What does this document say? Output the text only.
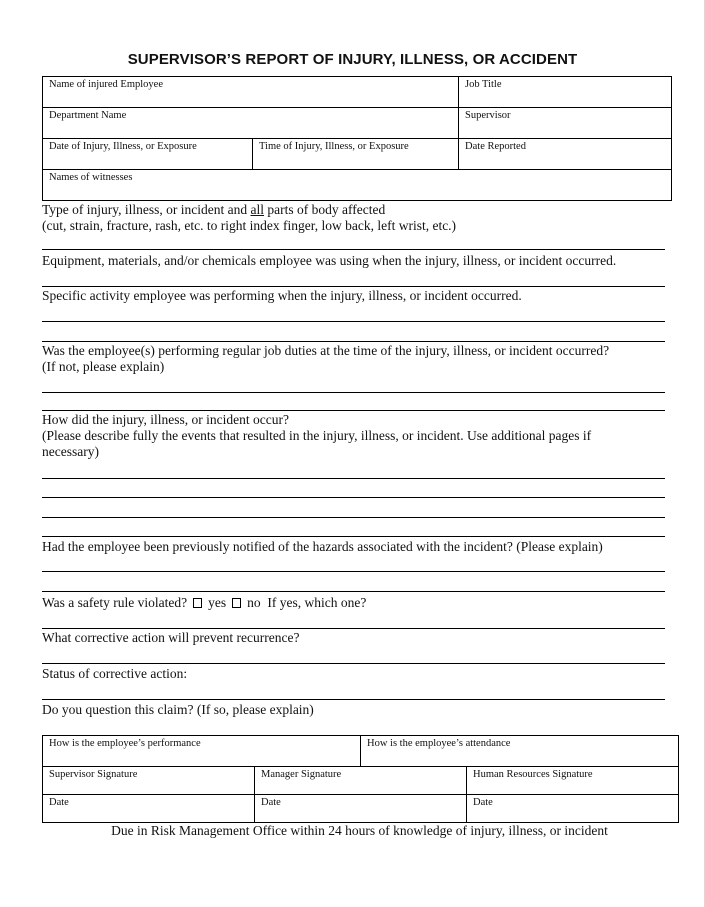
SUPERVISOR’S REPORT OF INJURY, ILLNESS, OR ACCIDENT
Name of injured Employee		Job Title
Department Name		Supervisor
Date of Injury, Illness, or Exposure	Time of Injury, Illness, or Exposure	Date Reported
Names of witnesses		
Type of injury, illness, or incident and all parts of body affected
(cut, strain, fracture, rash, etc. to right index finger, low back, left wrist, etc.)
Equipment, materials, and/or chemicals employee was using when the injury, illness, or incident occurred.
Specific activity employee was performing when the injury, illness, or incident occurred.
Was the employee(s) performing regular job duties at the time of the injury, illness, or incident occurred?
(If not, please explain)
How did the injury, illness, or incident occur?
(Please describe fully the events that resulted in the injury, illness, or incident. Use additional pages if
necessary)
Had the employee been previously notified of the hazards associated with the incident? (Please explain)
Was a safety rule violated? yes no If yes, which one?
What corrective action will prevent recurrence?
Status of corrective action:
Do you question this claim? (If so, please explain)
How is the employee’s performance		How is the employee’s attendance	
Supervisor Signature	Manager Signature		Human Resources Signature
Date	Date		Date
Due in Risk Management Office within 24 hours of knowledge of injury, illness, or incident
